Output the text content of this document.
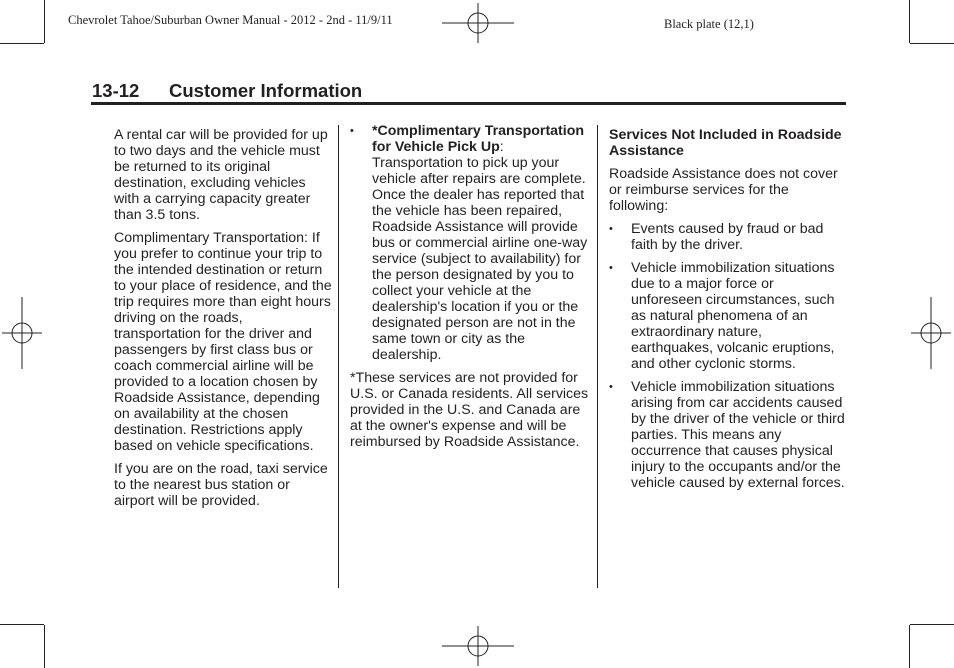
Chevrolet Tahoe/Suburban Owner Manual - 2012 - 2nd - 11/9/11	Black plate (12,1)
13-12 Customer Information

A rental car will be provided for up to two days and the vehicle must be returned to its original destination, excluding vehicles with a carrying capacity greater than 3.5 tons.

Complimentary Transportation: If you prefer to continue your trip to the intended destination or return to your place of residence, and the trip requires more than eight hours driving on the roads, transportation for the driver and passengers by first class bus or coach commercial airline will be provided to a location chosen by Roadside Assistance, depending on availability at the chosen destination. Restrictions apply based on vehicle specifications.

If you are on the road, taxi service to the nearest bus station or airport will be provided.

• *Complimentary Transportation for Vehicle Pick Up: Transportation to pick up your vehicle after repairs are complete. Once the dealer has reported that the vehicle has been repaired, Roadside Assistance will provide bus or commercial airline one-way service (subject to availability) for the person designated by you to collect your vehicle at the dealership's location if you or the designated person are not in the same town or city as the dealership.

*These services are not provided for U.S. or Canada residents. All services provided in the U.S. and Canada are at the owner's expense and will be reimbursed by Roadside Assistance.

Services Not Included in Roadside Assistance

Roadside Assistance does not cover or reimburse services for the following:

• Events caused by fraud or bad faith by the driver.
• Vehicle immobilization situations due to a major force or unforeseen circumstances, such as natural phenomena of an extraordinary nature, earthquakes, volcanic eruptions, and other cyclonic storms.
• Vehicle immobilization situations arising from car accidents caused by the driver of the vehicle or third parties. This means any occurrence that causes physical injury to the occupants and/or the vehicle caused by external forces.
